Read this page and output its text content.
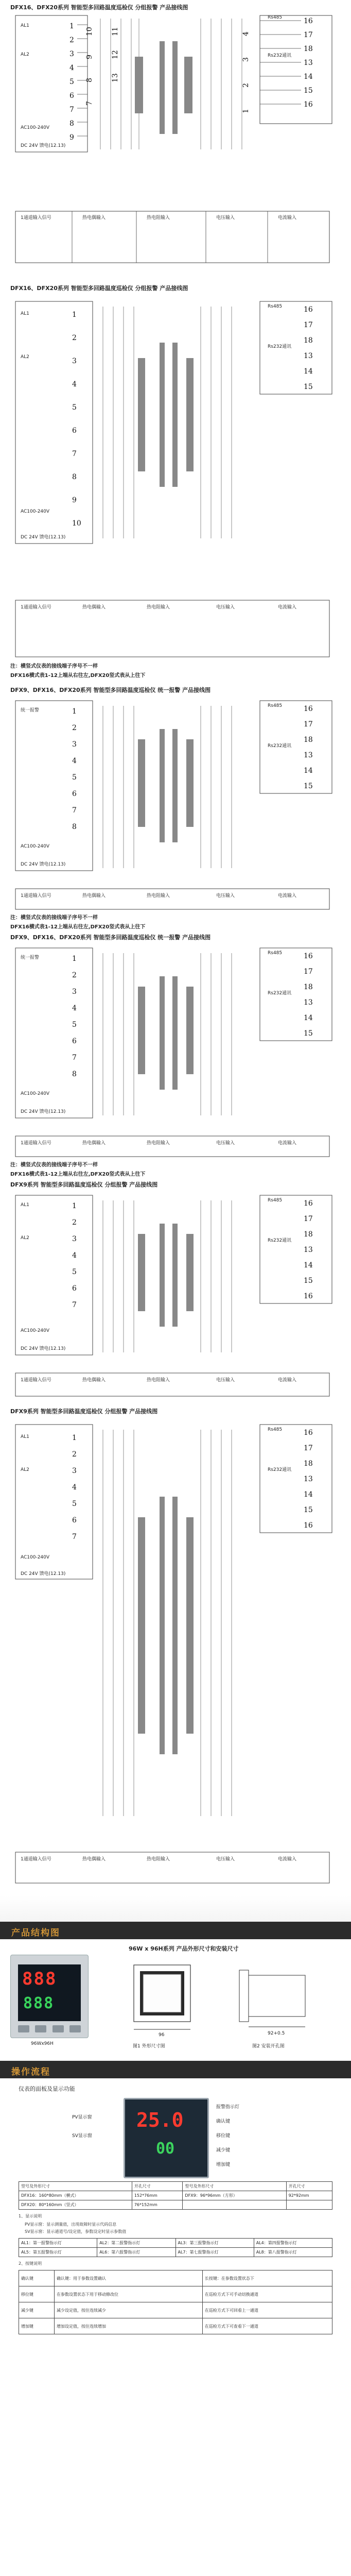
DFX16、DFX20系列 智能型多回路温度巡检仪 分组报警 产品接线图
10
9
8
7
11
12
13
4
3
2
1
16
17
18
13
14
15
16
1
2
3
4
5
6
7
8
9
AL1
AL2
AC100-240V
DC 24V 馈电(12.13)
Rs485
Rs232通讯
1通道输入信号	热电偶输入	热电阻输入	电压输入	电流输入
DFX16、DFX20系列 智能型多回路温度巡检仪 分组报警 产品接线图
1
2
3
4
5
6
7
8
9
10
16
17
18
13
14
15
AL1
AL2
AC100-240V
DC 24V 馈电(12.13)
Rs485
Rs232通讯
1通道输入信号	热电偶输入	热电阻输入	电压输入	电流输入
注：横竖式仪表的接线端子序号不一样
DFX16横式表1-12上端从右往左,DFX20竖式表从上往下
DFX9、DFX16、DFX20系列 智能型多回路温度巡检仪 统一报警 产品接线图
1
2
3
4
5
6
7
8
16
17
18
13
14
15
统一报警
AC100-240V
DC 24V 馈电(12.13)
Rs485
Rs232通讯
1通道输入信号	热电偶输入	热电阻输入	电压输入	电流输入
注：横竖式仪表的接线端子序号不一样
DFX16横式表1-12上端从右往左,DFX20竖式表从上往下
DFX9、DFX16、DFX20系列 智能型多回路温度巡检仪 统一报警 产品接线图
1
2
3
4
5
6
7
8
16
17
18
13
14
15
统一报警
AC100-240V
DC 24V 馈电(12.13)
Rs485
Rs232通讯
1通道输入信号	热电偶输入	热电阻输入	电压输入	电流输入
注：横竖式仪表的接线端子序号不一样
DFX16横式表1-12上端从右往左,DFX20竖式表从上往下
DFX9系列 智能型多回路温度巡检仪 分组报警 产品接线图
1
2
3
4
5
6
7
16
17
18
13
14
15
16
AL1
AL2
AC100-240V
DC 24V 馈电(12.13)
Rs485
Rs232通讯
1通道输入信号	热电偶输入	热电阻输入	电压输入	电流输入
DFX9系列 智能型多回路温度巡检仪 分组报警 产品接线图
1
2
3
4
5
6
7
16
17
18
13
14
15
16
AL1
AL2
AC100-240V
DC 24V 馈电(12.13)
Rs485
Rs232通讯
1通道输入信号	热电偶输入	热电阻输入	电压输入	电流输入
产品结构图
96W x 96H系列 产品外形尺寸和安装尺寸
888
888
96Wx96H
96	92+0.5
图1 外形尺寸图	图2 安装开孔图
操作流程
仪表的面板及显示功能
25.0
00
PV显示窗
SV显示窗
报警指示灯
确认键
移位键
减少键
增加键
型号及外形尺寸	开孔尺寸	型号及外形尺寸	开孔尺寸
DFX16：160*80mm（横式）	152*76mm	DFX9：96*96mm（方形）	92*92mm
DFX20：80*160mm（竖式）	76*152mm		
1、显示说明
PV显示窗：显示测量值，出现故障时显示代码信息
SV显示窗：显示通道号/设定值，参数设定时显示参数值
AL1：第一报警指示灯	AL2：第二报警指示灯	AL3：第三报警指示灯	AL4：第四报警指示灯
AL5：第五报警指示灯	AL6：第六报警指示灯	AL7：第七报警指示灯	AL8：第八报警指示灯
2、按键说明
确认键	确认键：用于参数设置确认	长按键：在参数设置状态下
移位键	在参数设置状态下用于移动修改位	在巡检方式下可手动切换通道
减少键	减少设定值，按住连续减少	在巡检方式下可回看上一通道
增加键	增加设定值，按住连续增加	在巡检方式下可查看下一通道
